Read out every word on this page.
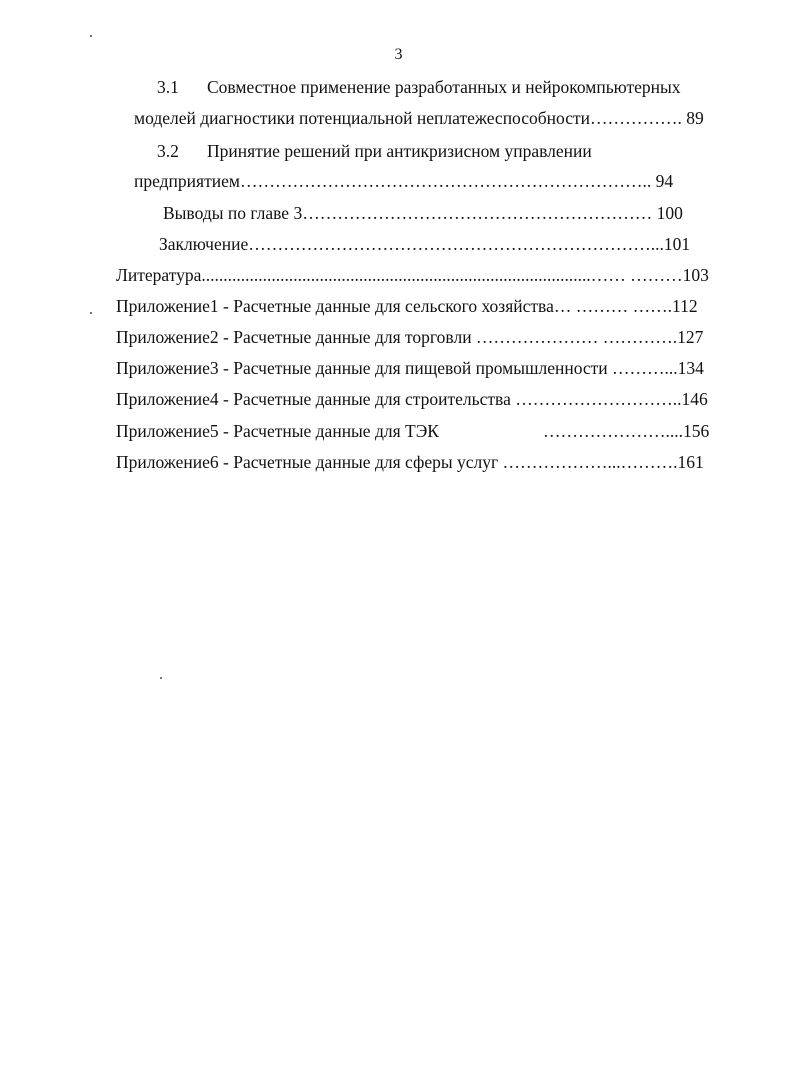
3
3.1 Совместное применение разработанных и нейрокомпьютерных
моделей диагностики потенциальной неплатежеспособности……………. 89
3.2 Принятие решений при антикризисном управлении
предприятием…………………………………………………………….. 94
Выводы по главе 3…………………………………………………… 100
Заключение……………………………………………………………...101
Литература.........................................................................................…… ………103
Приложение1 - Расчетные данные для сельского хозяйства… ……… …….112
Приложение2 - Расчетные данные для торговли ………………… ………….127
Приложение3 - Расчетные данные для пищевой промышленности ………...134
Приложение4 - Расчетные данные для строительства ………………………..146
Приложение5 - Расчетные данные для ТЭК	…………………....156
Приложение6 - Расчетные данные для сферы услуг ………………...……….161
